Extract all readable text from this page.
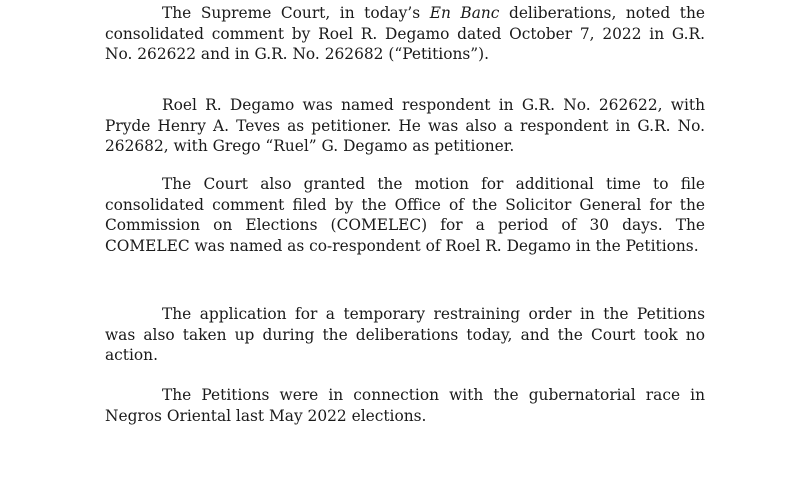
The Supreme Court, in today’s En Banc deliberations, noted the consolidated comment by Roel R. Degamo dated October 7, 2022 in G.R. No. 262622 and in G.R. No. 262682 (“Petitions”).

Roel R. Degamo was named respondent in G.R. No. 262622, with Pryde Henry A. Teves as petitioner. He was also a respondent in G.R. No. 262682, with Grego “Ruel” G. Degamo as petitioner.

The Court also granted the motion for additional time to file consolidated comment filed by the Office of the Solicitor General for the Commission on Elections (COMELEC) for a period of 30 days. The COMELEC was named as co-respondent of Roel R. Degamo in the Petitions.

The application for a temporary restraining order in the Petitions was also taken up during the deliberations today, and the Court took no action.

The Petitions were in connection with the gubernatorial race in Negros Oriental last May 2022 elections.
